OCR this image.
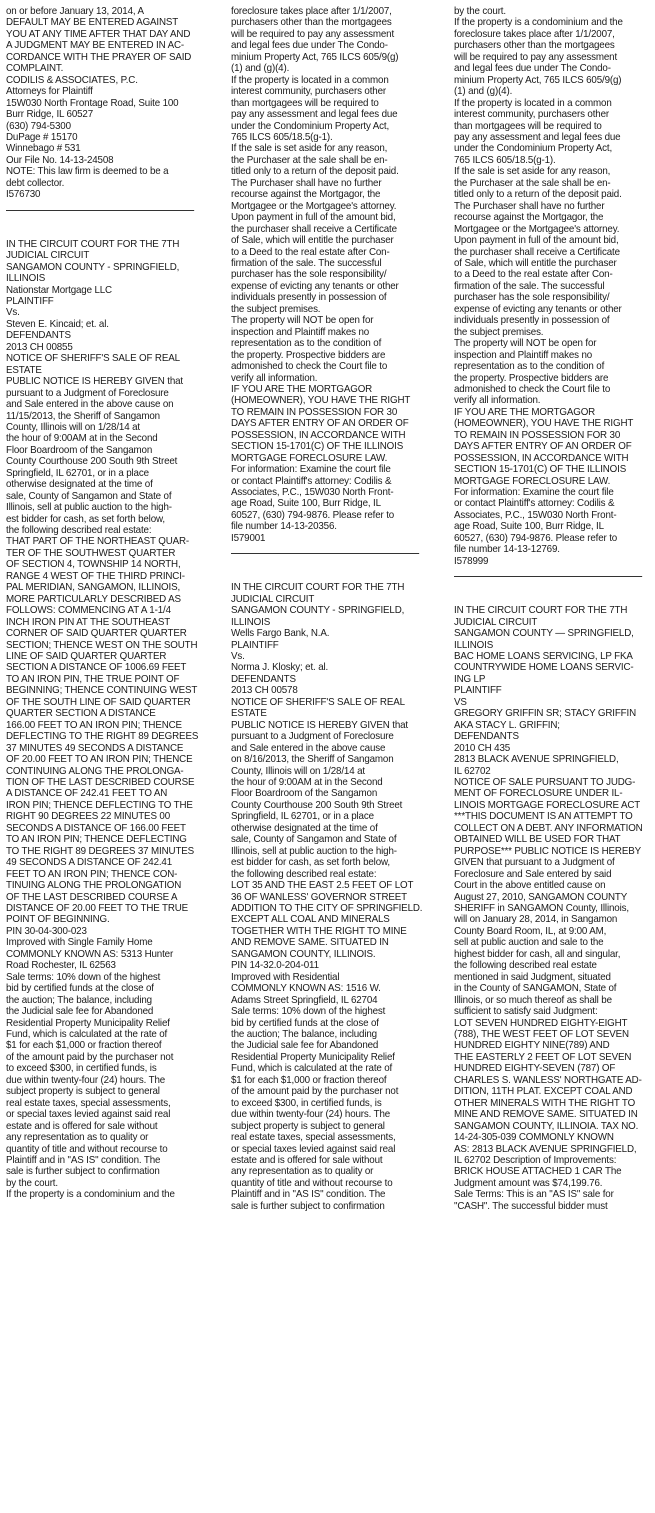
on or before January 13, 2014, A
DEFAULT MAY BE ENTERED AGAINST
YOU AT ANY TIME AFTER THAT DAY AND
A JUDGMENT MAY BE ENTERED IN AC-
CORDANCE WITH THE PRAYER OF SAID
COMPLAINT.
CODILIS & ASSOCIATES, P.C.
Attorneys for Plaintiff
15W030 North Frontage Road, Suite 100
Burr Ridge, IL 60527
(630) 794-5300
DuPage # 15170
Winnebago # 531
Our File No. 14-13-24508
NOTE: This law firm is deemed to be a
debt collector.
I576730
IN THE CIRCUIT COURT FOR THE 7TH
JUDICIAL CIRCUIT
SANGAMON COUNTY - SPRINGFIELD,
ILLINOIS
Nationstar Mortgage LLC
PLAINTIFF
Vs.
Steven E. Kincaid; et. al.
DEFENDANTS
2013 CH 00855
NOTICE OF SHERIFF'S SALE OF REAL
ESTATE
PUBLIC NOTICE IS HEREBY GIVEN that
pursuant to a Judgment of Foreclosure
and Sale entered in the above cause on
11/15/2013, the Sheriff of Sangamon
County, Illinois will on 1/28/14 at
the hour of 9:00AM at in the Second
Floor Boardroom of the Sangamon
County Courthouse 200 South 9th Street
Springfield, IL 62701, or in a place
otherwise designated at the time of
sale, County of Sangamon and State of
Illinois, sell at public auction to the high-
est bidder for cash, as set forth below,
the following described real estate:
THAT PART OF THE NORTHEAST QUAR-
TER OF THE SOUTHWEST QUARTER
OF SECTION 4, TOWNSHIP 14 NORTH,
RANGE 4 WEST OF THE THIRD PRINCI-
PAL MERIDIAN, SANGAMON, ILLINOIS,
MORE PARTICULARLY DESCRIBED AS
FOLLOWS: COMMENCING AT A 1-1/4
INCH IRON PIN AT THE SOUTHEAST
CORNER OF SAID QUARTER QUARTER
SECTION; THENCE WEST ON THE SOUTH
LINE OF SAID QUARTER QUARTER
SECTION A DISTANCE OF 1006.69 FEET
TO AN IRON PIN, THE TRUE POINT OF
BEGINNING; THENCE CONTINUING WEST
OF THE SOUTH LINE OF SAID QUARTER
QUARTER SECTION A DISTANCE
166.00 FEET TO AN IRON PIN; THENCE
DEFLECTING TO THE RIGHT 89 DEGREES
37 MINUTES 49 SECONDS A DISTANCE
OF 20.00 FEET TO AN IRON PIN; THENCE
CONTINUING ALONG THE PROLONGA-
TION OF THE LAST DESCRIBED COURSE
A DISTANCE OF 242.41 FEET TO AN
IRON PIN; THENCE DEFLECTING TO THE
RIGHT 90 DEGREES 22 MINUTES 00
SECONDS A DISTANCE OF 166.00 FEET
TO AN IRON PIN; THENCE DEFLECTING
TO THE RIGHT 89 DEGREES 37 MINUTES
49 SECONDS A DISTANCE OF 242.41
FEET TO AN IRON PIN; THENCE CON-
TINUING ALONG THE PROLONGATION
OF THE LAST DESCRIBED COURSE A
DISTANCE OF 20.00 FEET TO THE TRUE
POINT OF BEGINNING.
PIN 30-04-300-023
Improved with Single Family Home
COMMONLY KNOWN AS: 5313 Hunter
Road Rochester, IL 62563
Sale terms: 10% down of the highest
bid by certified funds at the close of
the auction; The balance, including
the Judicial sale fee for Abandoned
Residential Property Municipality Relief
Fund, which is calculated at the rate of
$1 for each $1,000 or fraction thereof
of the amount paid by the purchaser not
to exceed $300, in certified funds, is
due within twenty-four (24) hours. The
subject property is subject to general
real estate taxes, special assessments,
or special taxes levied against said real
estate and is offered for sale without
any representation as to quality or
quantity of title and without recourse to
Plaintiff and in "AS IS" condition. The
sale is further subject to confirmation
by the court.
If the property is a condominium and the
foreclosure takes place after 1/1/2007,
purchasers other than the mortgagees
will be required to pay any assessment
and legal fees due under The Condo-
minium Property Act, 765 ILCS 605/9(g)
(1) and (g)(4).
If the property is located in a common
interest community, purchasers other
than mortgagees will be required to
pay any assessment and legal fees due
under the Condominium Property Act,
765 ILCS 605/18.5(g-1).
If the sale is set aside for any reason,
the Purchaser at the sale shall be en-
titled only to a return of the deposit paid.
The Purchaser shall have no further
recourse against the Mortgagor, the
Mortgagee or the Mortgagee's attorney.
Upon payment in full of the amount bid,
the purchaser shall receive a Certificate
of Sale, which will entitle the purchaser
to a Deed to the real estate after Con-
firmation of the sale. The successful
purchaser has the sole responsibility/
expense of evicting any tenants or other
individuals presently in possession of
the subject premises.
The property will NOT be open for
inspection and Plaintiff makes no
representation as to the condition of
the property. Prospective bidders are
admonished to check the Court file to
verify all information.
IF YOU ARE THE MORTGAGOR
(HOMEOWNER), YOU HAVE THE RIGHT
TO REMAIN IN POSSESSION FOR 30
DAYS AFTER ENTRY OF AN ORDER OF
POSSESSION, IN ACCORDANCE WITH
SECTION 15-1701(C) OF THE ILLINOIS
MORTGAGE FORECLOSURE LAW.
For information: Examine the court file
or contact Plaintiff's attorney: Codilis &
Associates, P.C., 15W030 North Front-
age Road, Suite 100, Burr Ridge, IL
60527, (630) 794-9876. Please refer to
file number 14-13-20356.
I579001
IN THE CIRCUIT COURT FOR THE 7TH
JUDICIAL CIRCUIT
SANGAMON COUNTY - SPRINGFIELD,
ILLINOIS
Wells Fargo Bank, N.A.
PLAINTIFF
Vs.
Norma J. Klosky; et. al.
DEFENDANTS
2013 CH 00578
NOTICE OF SHERIFF'S SALE OF REAL
ESTATE
PUBLIC NOTICE IS HEREBY GIVEN that
pursuant to a Judgment of Foreclosure
and Sale entered in the above cause
on 8/16/2013, the Sheriff of Sangamon
County, Illinois will on 1/28/14 at
the hour of 9:00AM at in the Second
Floor Boardroom of the Sangamon
County Courthouse 200 South 9th Street
Springfield, IL 62701, or in a place
otherwise designated at the time of
sale, County of Sangamon and State of
Illinois, sell at public auction to the high-
est bidder for cash, as set forth below,
the following described real estate:
LOT 35 AND THE EAST 2.5 FEET OF LOT
36 OF WANLESS' GOVERNOR STREET
ADDITION TO THE CITY OF SPRINGFIELD.
EXCEPT ALL COAL AND MINERALS
TOGETHER WITH THE RIGHT TO MINE
AND REMOVE SAME. SITUATED IN
SANGAMON COUNTY, ILLINOIS.
PIN 14-32.0-204-011
Improved with Residential
COMMONLY KNOWN AS: 1516 W.
Adams Street Springfield, IL 62704
Sale terms: 10% down of the highest
bid by certified funds at the close of
the auction; The balance, including
the Judicial sale fee for Abandoned
Residential Property Municipality Relief
Fund, which is calculated at the rate of
$1 for each $1,000 or fraction thereof
of the amount paid by the purchaser not
to exceed $300, in certified funds, is
due within twenty-four (24) hours. The
subject property is subject to general
real estate taxes, special assessments,
or special taxes levied against said real
estate and is offered for sale without
any representation as to quality or
quantity of title and without recourse to
Plaintiff and in "AS IS" condition. The
sale is further subject to confirmation
by the court.
If the property is a condominium and the
foreclosure takes place after 1/1/2007,
purchasers other than the mortgagees
will be required to pay any assessment
and legal fees due under The Condo-
minium Property Act, 765 ILCS 605/9(g)
(1) and (g)(4).
If the property is located in a common
interest community, purchasers other
than mortgagees will be required to
pay any assessment and legal fees due
under the Condominium Property Act,
765 ILCS 605/18.5(g-1).
If the sale is set aside for any reason,
the Purchaser at the sale shall be en-
titled only to a return of the deposit paid.
The Purchaser shall have no further
recourse against the Mortgagor, the
Mortgagee or the Mortgagee's attorney.
Upon payment in full of the amount bid,
the purchaser shall receive a Certificate
of Sale, which will entitle the purchaser
to a Deed to the real estate after Con-
firmation of the sale. The successful
purchaser has the sole responsibility/
expense of evicting any tenants or other
individuals presently in possession of
the subject premises.
The property will NOT be open for
inspection and Plaintiff makes no
representation as to the condition of
the property. Prospective bidders are
admonished to check the Court file to
verify all information.
IF YOU ARE THE MORTGAGOR
(HOMEOWNER), YOU HAVE THE RIGHT
TO REMAIN IN POSSESSION FOR 30
DAYS AFTER ENTRY OF AN ORDER OF
POSSESSION, IN ACCORDANCE WITH
SECTION 15-1701(C) OF THE ILLINOIS
MORTGAGE FORECLOSURE LAW.
For information: Examine the court file
or contact Plaintiff's attorney: Codilis &
Associates, P.C., 15W030 North Front-
age Road, Suite 100, Burr Ridge, IL
60527, (630) 794-9876. Please refer to
file number 14-13-12769.
I578999
IN THE CIRCUIT COURT FOR THE 7TH
JUDICIAL CIRCUIT
SANGAMON COUNTY — SPRINGFIELD,
ILLINOIS
BAC HOME LOANS SERVICING, LP FKA
COUNTRYWIDE HOME LOANS SERVIC-
ING LP
PLAINTIFF
VS
GREGORY GRIFFIN SR; STACY GRIFFIN
AKA STACY L. GRIFFIN;
DEFENDANTS
2010 CH 435
2813 BLACK AVENUE SPRINGFIELD,
IL 62702
NOTICE OF SALE PURSUANT TO JUDG-
MENT OF FORECLOSURE UNDER IL-
LINOIS MORTGAGE FORECLOSURE ACT
***THIS DOCUMENT IS AN ATTEMPT TO
COLLECT ON A DEBT. ANY INFORMATION
OBTAINED WILL BE USED FOR THAT
PURPOSE*** PUBLIC NOTICE IS HEREBY
GIVEN that pursuant to a Judgment of
Foreclosure and Sale entered by said
Court in the above entitled cause on
August 27, 2010, SANGAMON COUNTY
SHERIFF in SANGAMON County, Illinois,
will on January 28, 2014, in Sangamon
County Board Room, IL, at 9:00 AM,
sell at public auction and sale to the
highest bidder for cash, all and singular,
the following described real estate
mentioned in said Judgment, situated
in the County of SANGAMON, State of
Illinois, or so much thereof as shall be
sufficient to satisfy said Judgment:
LOT SEVEN HUNDRED EIGHTY-EIGHT
(788), THE WEST FEET OF LOT SEVEN
HUNDRED EIGHTY NINE(789) AND
THE EASTERLY 2 FEET OF LOT SEVEN
HUNDRED EIGHTY-SEVEN (787) OF
CHARLES S. WANLESS' NORTHGATE AD-
DITION, 11TH PLAT. EXCEPT COAL AND
OTHER MINERALS WITH THE RIGHT TO
MINE AND REMOVE SAME. SITUATED IN
SANGAMON COUNTY, ILLINOIA. TAX NO.
14-24-305-039 COMMONLY KNOWN
AS: 2813 BLACK AVENUE SPRINGFIELD,
IL 62702 Description of Improvements:
BRICK HOUSE ATTACHED 1 CAR The
Judgment amount was $74,199.76.
Sale Terms: This is an "AS IS" sale for
"CASH". The successful bidder must
